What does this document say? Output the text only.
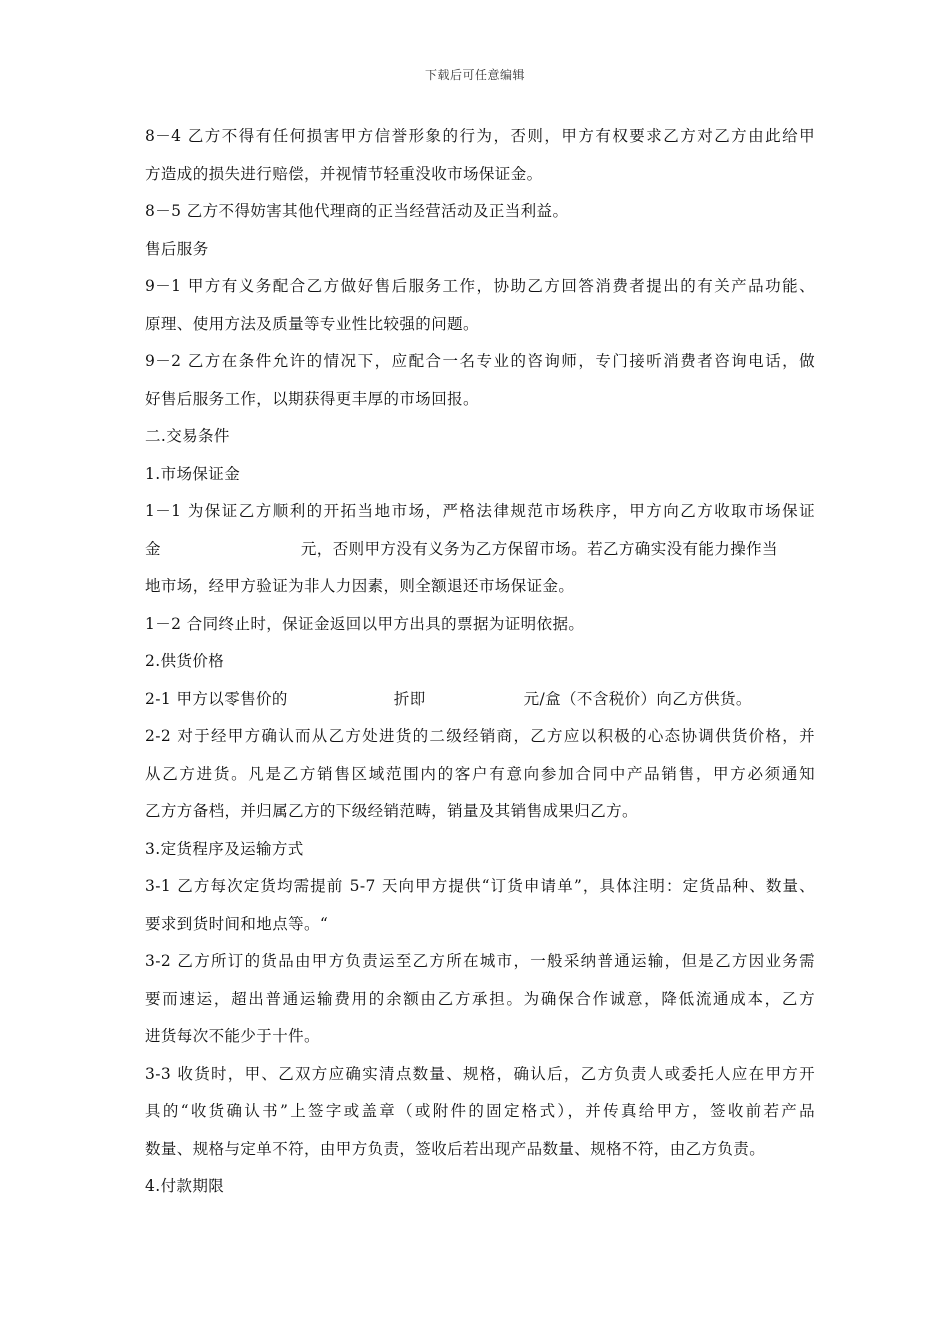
下载后可任意编辑
8－4 乙方不得有任何损害甲方信誉形象的行为，否则，甲方有权要求乙方对乙方由此给甲
方造成的损失进行赔偿，并视情节轻重没收市场保证金。
8－5 乙方不得妨害其他代理商的正当经营活动及正当利益。
售后服务
9－1 甲方有义务配合乙方做好售后服务工作，协助乙方回答消费者提出的有关产品功能、
原理、使用方法及质量等专业性比较强的问题。
9－2 乙方在条件允许的情况下，应配合一名专业的咨询师，专门接听消费者咨询电话，做
好售后服务工作，以期获得更丰厚的市场回报。
二.交易条件
1.市场保证金
1－1 为保证乙方顺利的开拓当地市场，严格法律规范市场秩序，甲方向乙方收取市场保证
金	元，否则甲方没有义务为乙方保留市场。若乙方确实没有能力操作当
地市场，经甲方验证为非人力因素，则全额退还市场保证金。
1－2 合同终止时，保证金返回以甲方出具的票据为证明依据。
2.供货价格
2-1 甲方以零售价的	折即	元/盒（不含税价）向乙方供货。
2-2 对于经甲方确认而从乙方处进货的二级经销商，乙方应以积极的心态协调供货价格，并
从乙方进货。凡是乙方销售区域范围内的客户有意向参加合同中产品销售，甲方必须通知
乙方方备档，并归属乙方的下级经销范畴，销量及其销售成果归乙方。
3.定货程序及运输方式
3-1 乙方每次定货均需提前 5-7 天向甲方提供“订货申请单”，具体注明：定货品种、数量、
要求到货时间和地点等。“
3-2 乙方所订的货品由甲方负责运至乙方所在城市，一般采纳普通运输，但是乙方因业务需
要而速运，超出普通运输费用的余额由乙方承担。为确保合作诚意，降低流通成本，乙方
进货每次不能少于十件。
3-3 收货时，甲、乙双方应确实清点数量、规格，确认后，乙方负责人或委托人应在甲方开
具的“收货确认书”上签字或盖章（或附件的固定格式），并传真给甲方，签收前若产品
数量、规格与定单不符，由甲方负责，签收后若出现产品数量、规格不符，由乙方负责。
4.付款期限
